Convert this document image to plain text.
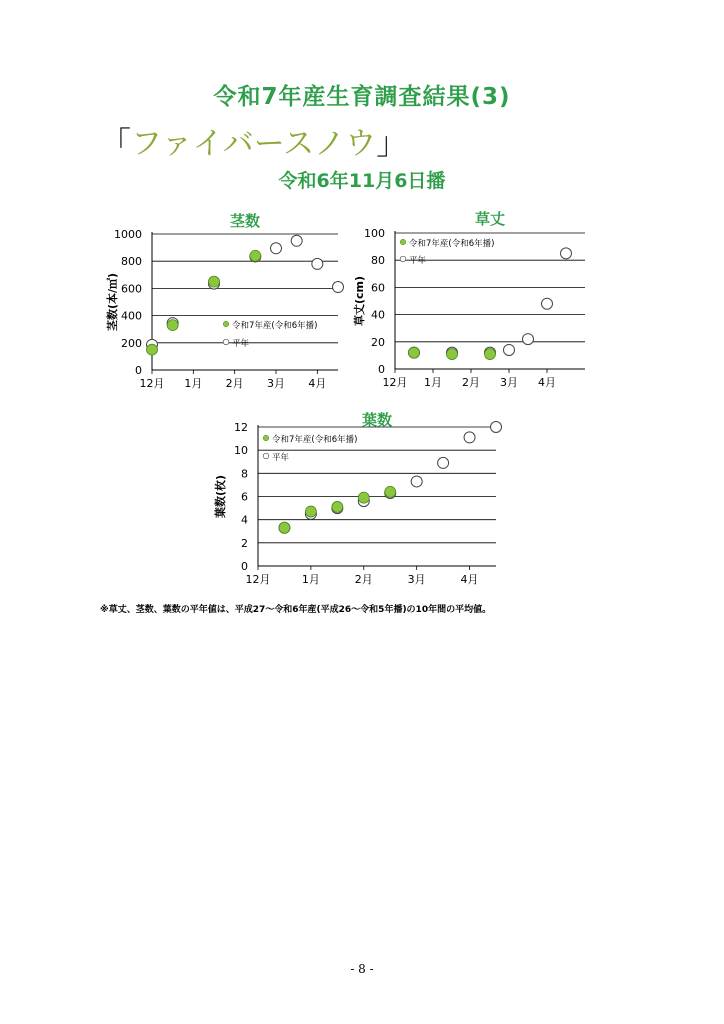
令和7年産生育調査結果(3)
「ファイバースノウ」
令和6年11月6日播
茎数
0
200
400
600
800
1000
12月 1月 2月 3月 4月
茎数(本/㎡)	令和7年産(令和6年播)
平年
草丈
0
20
40
60
80
100
12月 1月 2月 3月 4月
草丈(cm)
令和7年産(令和6年播)
平年
葉数
0
2
4
6
8
10
12
12月	1月	2月	3月	4月
葉数(枚)
令和7年産(令和6年播)
平年
※草丈、茎数、葉数の平年値は、平成27〜令和6年産(平成26〜令和5年播)の10年間の平均値。
- 8 -
